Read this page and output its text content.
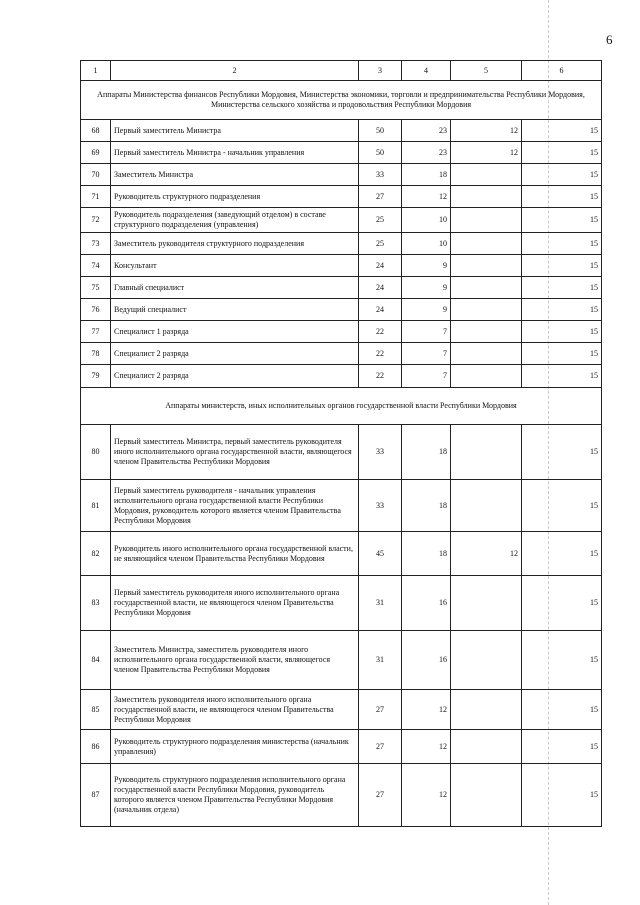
6
1	2	3	4	5	6
Аппараты Министерства финансов Республики Мордовия, Министерства экономики, торговли и предпринимательства Республики Мордовия, Министерства сельского хозяйства и продовольствия Республики Мордовия					
68	Первый заместитель Министра	50	23	12	15
69	Первый заместитель Министра - начальник управления	50	23	12	15
70	Заместитель Министра	33	18		15
71	Руководитель структурного подразделения	27	12		15
72	Руководитель подразделения (заведующий отделом) в составе структурного подразделения (управления)	25	10		15
73	Заместитель руководителя структурного подразделения	25	10		15
74	Консультант	24	9		15
75	Главный специалист	24	9		15
76	Ведущий специалист	24	9		15
77	Специалист 1 разряда	22	7		15
78	Специалист 2 разряда	22	7		15
79	Специалист 2 разряда	22	7		15
Аппараты министерств, иных исполнительных органов государственной власти Республики Мордовия					
80	Первый заместитель Министра, первый заместитель руководителя иного исполнительного органа государственной власти, являющегося членом Правительства Республики Мордовия	33	18		15
81	Первый заместитель руководителя - начальник управления исполнительного органа государственной власти Республики Мордовия, руководитель которого является членом Правительства Республики Мордовия	33	18		15
82	Руководитель иного исполнительного органа государственной власти, не являющийся членом Правительства Республики Мордовия	45	18	12	15
83	Первый заместитель руководителя иного исполнительного органа государственной власти, не являющегося членом Правительства Республики Мордовия	31	16		15
84	Заместитель Министра, заместитель руководителя иного исполнительного органа государственной власти, являющегося членом Правительства Республики Мордовия	31	16		15
85	Заместитель руководителя иного исполнительного органа государственной власти, не являющегося членом Правительства Республики Мордовия	27	12		15
86	Руководитель структурного подразделения министерства (начальник управления)	27	12		15
87	Руководитель структурного подразделения исполнительного органа государственной власти Республики Мордовия, руководитель которого является членом Правительства Республики Мордовия (начальник отдела)	27	12		15
